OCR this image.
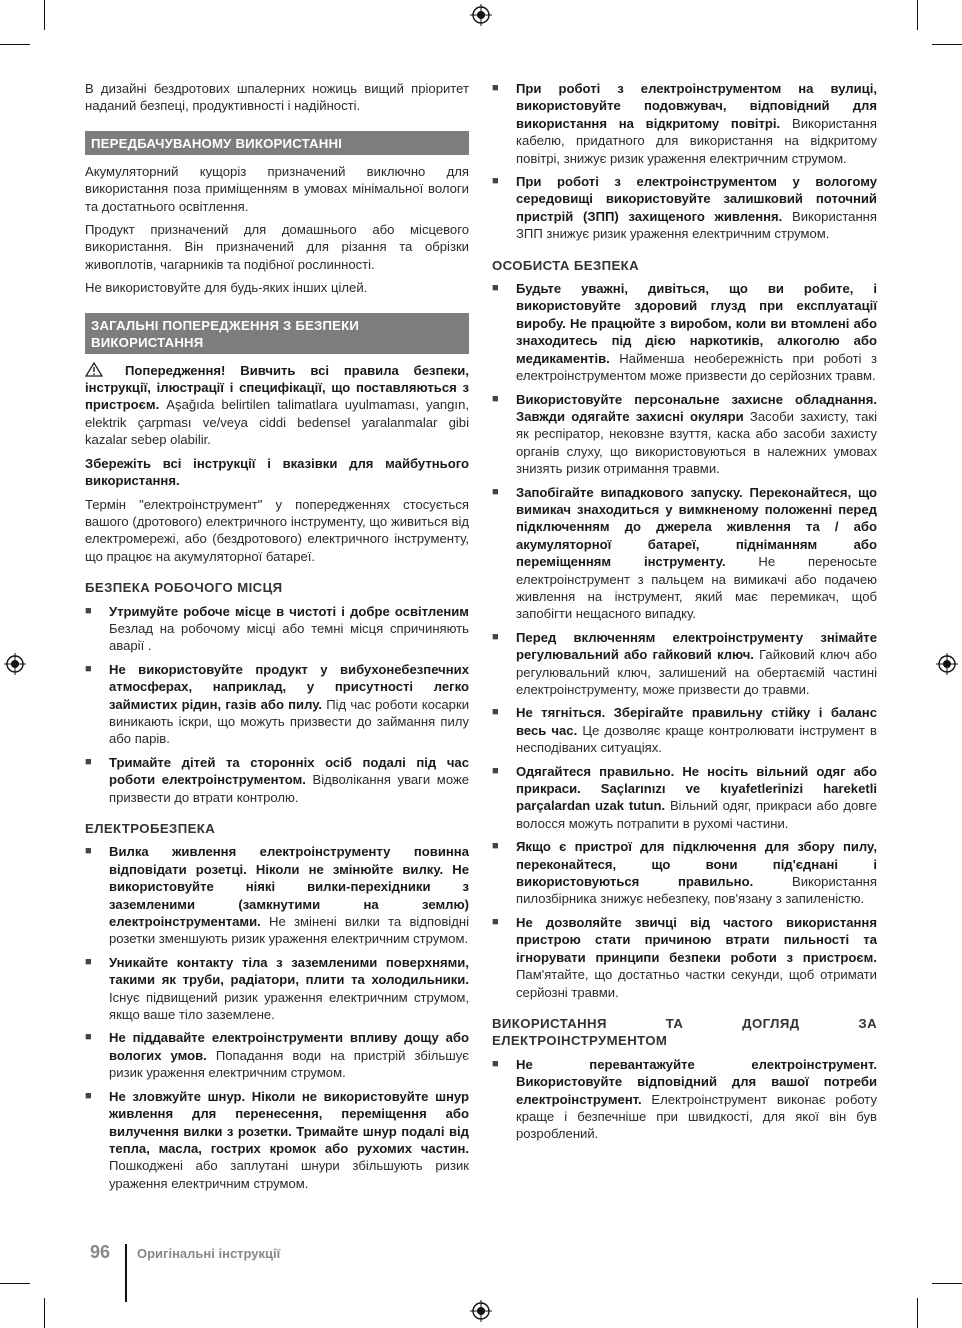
В дизайні бездротових шпалерних ножиць вищий пріоритет наданий безпеці, продуктивності і надійності.

ПЕРЕДБАЧУВАНОМУ ВИКОРИСТАННІ

Акумуляторний кущоріз призначений виключно для використання поза приміщенням в умовах мінімальної вологи та достатнього освітлення.

Продукт призначений для домашнього або місцевого використання. Він призначений для різання та обрізки живоплотів, чагарників та подібної рослинності.

Не використовуйте для будь-яких інших цілей.

ЗАГАЛЬНІ ПОПЕРЕДЖЕННЯ З БЕЗПЕКИ ВИКОРИСТАННЯ

Попередження! Вивчить всі правила безпеки, інструкції, ілюстрації і специфікації, що поставляються з пристроєм. Aşağıda belirtilen talimatlara uyulmaması, yangın, elektrik çarpması ve/veya ciddi bedensel yaralanmalar gibi kazalar sebep olabilir.

Збережіть всі інструкції і вказівки для майбутнього використання.

Термін "електроінструмент" у попередженнях стосується вашого (дротового) електричного інструменту, що живиться від електромережі, або (бездротового) електричного інструменту, що працює на акумуляторної батареї.

БЕЗПЕКА РОБОЧОГО МІСЦЯ
■ Утримуйте робоче місце в чистоті і добре освітленим Безлад на робочому місці або темні місця спричиняють аварії .
■ Не використовуйте продукт у вибухонебезпечних атмосферах, наприклад, у присутності легко займистих рідин, газів або пилу. Під час роботи косарки виникають іскри, що можуть призвести до займання пилу або парів.
■ Тримайте дітей та сторонніх осіб подалі під час роботи електроінструментом. Відволікання уваги може призвести до втрати контролю.
ЕЛЕКТРОБЕЗПЕКА
■ Вилка живлення електроінструменту повинна відповідати розетці. Ніколи не змінюйте вилку. Не використовуйте ніякі вилки-перехідники з заземленими (замкнутими на землю) електроінструментами. Не змінені вилки та відповідні розетки зменшують ризик ураження електричним струмом.
■ Уникайте контакту тіла з заземленими поверхнями, такими як труби, радіатори, плити та холодильники. Існує підвищений ризик ураження електричним струмом, якщо ваше тіло заземлене.
■ Не піддавайте електроінструменти впливу дощу або вологих умов. Попадання води на пристрій збільшує ризик ураження електричним струмом.
■ Не зловжуйте шнур. Ніколи не використовуйте шнур живлення для перенесення, переміщення або вилучення вилки з розетки. Тримайте шнур подалі від тепла, масла, гострих кромок або рухомих частин. Пошкоджені або заплутані шнури збільшують ризик ураження електричним струмом.
■ При роботі з електроінструментом на вулиці, використовуйте подовжувач, відповідний для використання на відкритому повітрі. Використання кабелю, придатного для використання на відкритому повітрі, знижує ризик ураження електричним струмом.
■ При роботі з електроінструментом у вологому середовищі використовуйте залишковий поточний пристрій (ЗПП) захищеного живлення. Використання ЗПП знижує ризик ураження електричним струмом.
ОСОБИСТА БЕЗПЕКА
■ Будьте уважні, дивіться, що ви робите, і використовуйте здоровий глузд при експлуатації виробу. Не працюйте з виробом, коли ви втомлені або знаходитесь під дією наркотиків, алкоголю або медикаментів. Найменша необережність при роботі з електроінструментом може призвести до серйозних травм.
■ Використовуйте персональне захисне обладнання. Завжди одягайте захисні окуляри Засоби захисту, такі як респіратор, нековзне взуття, каска або засоби захисту органів слуху, що використовуються в належних умовах знизять ризик отримання травми.
■ Запобігайте випадкового запуску. Переконайтеся, що вимикач знаходиться у вимкненому положенні перед підключенням до джерела живлення та / або акумуляторної батареї, підніманням або переміщенням інструменту. Не переносьте електроінструмент з пальцем на вимикачі або подачею живлення на інструмент, який має перемикач, щоб запобігти нещасного випадку.
■ Перед включенням електроінструменту знімайте регулювальний або гайковий ключ. Гайковий ключ або регулювальний ключ, залишений на обертаємій частині електроінструменту, може призвести до травми.
■ Не тягніться. Зберігайте правильну стійку і баланс весь час. Це дозволяє краще контролювати інструмент в несподіваних ситуаціях.
■ Одягайтеся правильно. Не носіть вільний одяг або прикраси. Saçlarınızı ve kıyafetlerinizi hareketli parçalardan uzak tutun. Вільний одяг, прикраси або довге волосся можуть потрапити в рухомі частини.
■ Якщо є пристрої для підключення для збору пилу, переконайтеся, що вони під'єднані і використовуються правильно. Використання пилозбірника знижує небезпеку, пов'язану з запиленістю.
■ Не дозволяйте звичці від частого використання пристрою стати причиною втрати пильності та ігнорувати принципи безпеки роботи з пристроєм. Пам'ятайте, що достатньо частки секунди, щоб отримати серйозні травми.
ВИКОРИСТАННЯ ТА ДОГЛЯД ЗА ЕЛЕКТРОІНСТРУМЕНТОМ
■ Не перевантажуйте електроінструмент. Використовуйте відповідний для вашої потреби електроінструмент. Електроінструмент виконає роботу краще і безпечніше при швидкості, для якої він був розроблений.
96 Оригінальні інструкції
